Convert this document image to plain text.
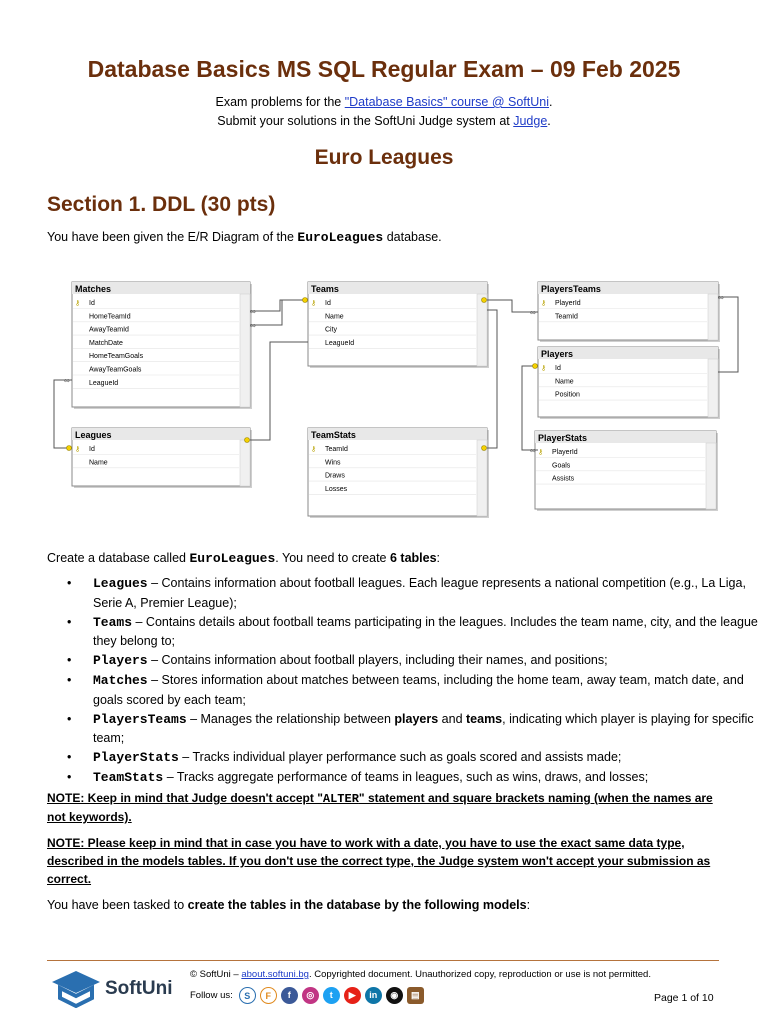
Database Basics MS SQL Regular Exam – 09 Feb 2025
Exam problems for the "Database Basics" course @ SoftUni.
Submit your solutions in the SoftUni Judge system at Judge.
Euro Leagues
Section 1. DDL (30 pts)
You have been given the E/R Diagram of the EuroLeagues database.
Matches
⚷ Id
HomeTeamId
AwayTeamId
MatchDate
HomeTeamGoals
AwayTeamGoals
LeagueId
Teams
⚷ Id
Name
City
LeagueId
PlayersTeams
⚷ PlayerId
TeamId
Players
⚷ Id
Name
Position
Leagues
⚷ Id
Name
TeamStats
⚷ TeamId
Wins
Draws
Losses
PlayerStats
⚷ PlayerId
Goals
Assists
∞
∞
∞
∞
∞
∞
Create a database called EuroLeagues. You need to create 6 tables:
• Leagues – Contains information about football leagues. Each league represents a national competition (e.g., La Liga, Serie A, Premier League);
• Teams – Contains details about football teams participating in the leagues. Includes the team name, city, and the league they belong to;
• Players – Contains information about football players, including their names, and positions;
• Matches – Stores information about matches between teams, including the home team, away team, match date, and goals scored by each team;
• PlayersTeams – Manages the relationship between players and teams, indicating which player is playing for specific team;
• PlayerStats – Tracks individual player performance such as goals scored and assists made;
• TeamStats – Tracks aggregate performance of teams in leagues, such as wins, draws, and losses;
NOTE: Keep in mind that Judge doesn't accept "ALTER" statement and square brackets naming (when the names are not keywords).
NOTE: Please keep in mind that in case you have to work with a date, you have to use the exact same data type, described in the models tables. If you don't use the correct type, the Judge system won't accept your submission as correct.
You have been tasked to create the tables in the database by the following models:
SoftUni
© SoftUni – about.softuni.bg. Copyrighted document. Unauthorized copy, reproduction or use is not permitted.
Follow us: S F f ◎ t ▶ in ◉ ▤	Page 1 of 10
